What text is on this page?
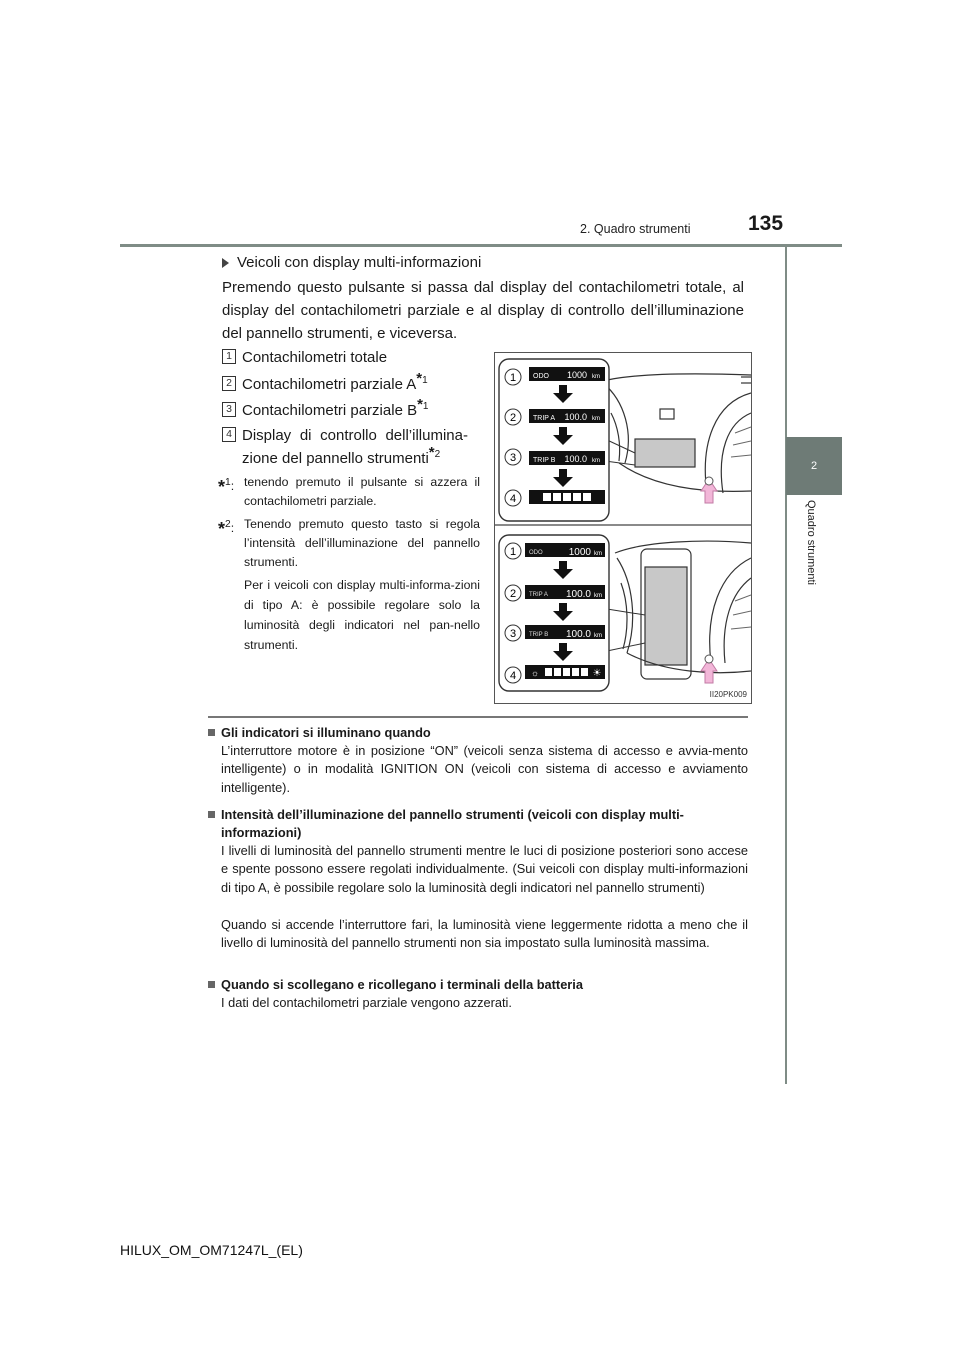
2. Quadro strumenti	135
2
Quadro strumenti
Veicoli con display multi-informazioni
Premendo questo pulsante si passa dal display del contachilometri totale, al display del contachilometri parziale e al display di controllo dell’illuminazione del pannello strumenti, e viceversa.
1 Contachilometri totale
2 Contachilometri parziale $A^{*1}$
3 Contachilometri parziale $B^{*1}$
4 Display di controllo dell’illumina-zione del pannello strumenti$^{*2}$
*$^1$: tenendo premuto il pulsante si azzera il contachilometri parziale.
*$^2$: Tenendo premuto questo tasto si regola l’intensità dell’illuminazione del pannello strumenti.
Per i veicoli con display multi-informa-zioni di tipo A: è possibile regolare solo la luminosità degli indicatori nel pan-nello strumenti.
1 ODO 1000 km
2 TRIP A 100.0 km
3 TRIP B 100.0 km
4
1 ODO	1000 km
2 TRIP A 100.0 km
3 TRIP B 100.0 km
4 ☼	☀
II20PK009
Gli indicatori si illuminano quando
L’interruttore motore è in posizione “ON” (veicoli senza sistema di accesso e avvia-mento intelligente) o in modalità IGNITION ON (veicoli con sistema di accesso e avviamento intelligente).
Intensità dell’illuminazione del pannello strumenti (veicoli con display multi-informazioni)
I livelli di luminosità del pannello strumenti mentre le luci di posizione posteriori sono accese e spente possono essere regolati individualmente. (Sui veicoli con display multi-informazioni di tipo A, è possibile regolare solo la luminosità degli indicatori nel pannello strumenti)
Quando si accende l’interruttore fari, la luminosità viene leggermente ridotta a meno che il livello di luminosità del pannello strumenti non sia impostato sulla luminosità massima.
Quando si scollegano e ricollegano i terminali della batteria
I dati del contachilometri parziale vengono azzerati.
HILUX_OM_OM71247L_(EL)
